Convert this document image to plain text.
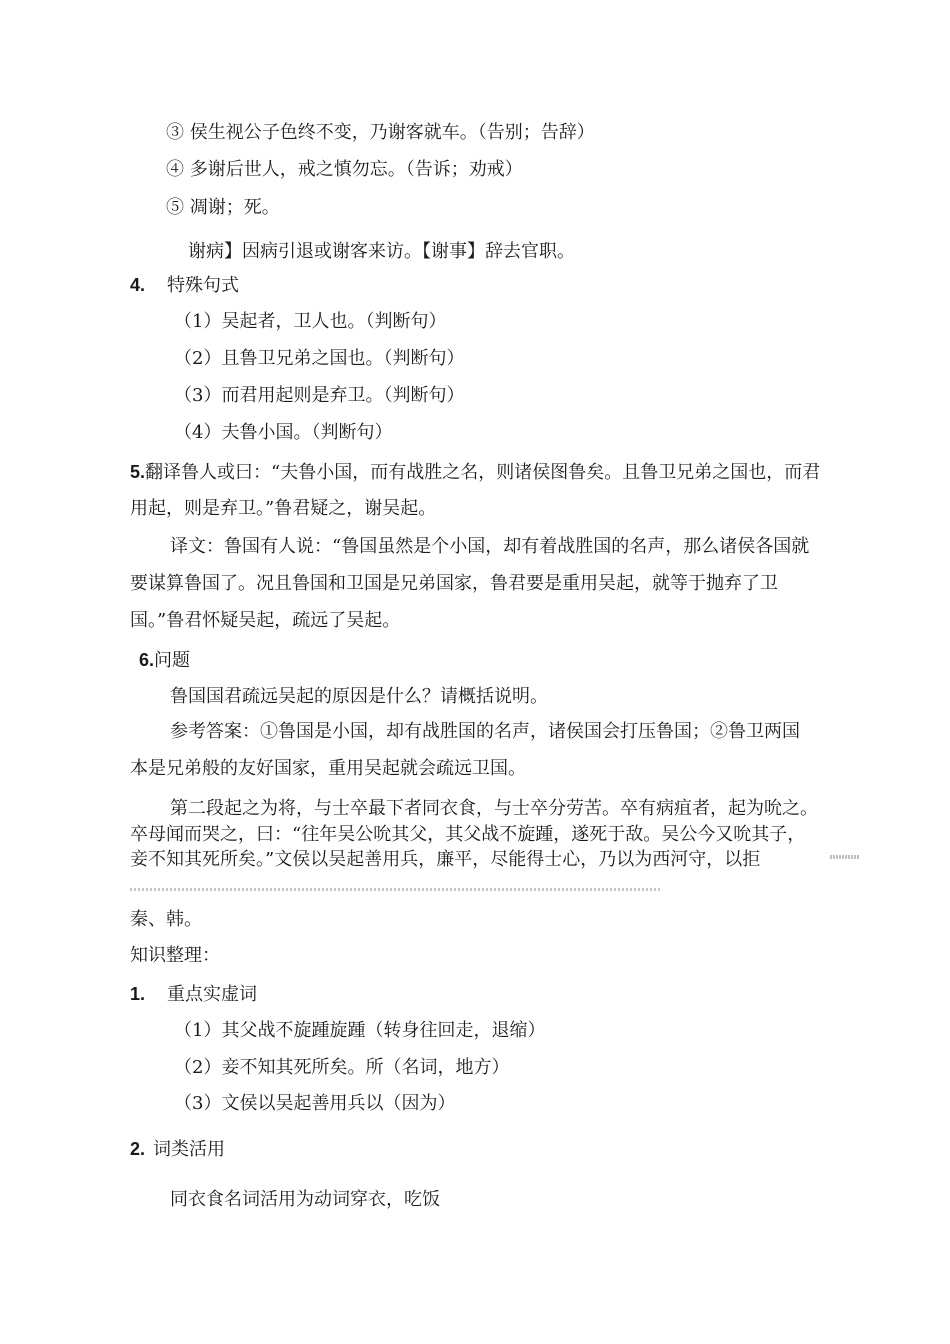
③ 侯生视公子色终不变，乃谢客就车。（告别；告辞）
④ 多谢后世人，戒之慎勿忘。（告诉；劝戒）
⑤ 凋谢；死。
谢病】因病引退或谢客来访。【谢事】辞去官职。
4. 特殊句式
（1）吴起者，卫人也。（判断句）
（2）且鲁卫兄弟之国也。（判断句）
（3）而君用起则是弃卫。（判断句）
（4）夫鲁小国。（判断句）
5.翻译鲁人或曰：“夫鲁小国，而有战胜之名，则诸侯图鲁矣。且鲁卫兄弟之国也，而君
用起，则是弃卫。”鲁君疑之，谢吴起。
译文：鲁国有人说：“鲁国虽然是个小国，却有着战胜国的名声，那么诸侯各国就
要谋算鲁国了。况且鲁国和卫国是兄弟国家，鲁君要是重用吴起，就等于抛弃了卫
国。”鲁君怀疑吴起，疏远了吴起。
6.问题
鲁国国君疏远吴起的原因是什么？请概括说明。
参考答案：①鲁国是小国，却有战胜国的名声，诸侯国会打压鲁国；②鲁卫两国
本是兄弟般的友好国家，重用吴起就会疏远卫国。
第二段起之为将，与士卒最下者同衣食，与士卒分劳苦。卒有病疽者，起为吮之。
卒母闻而哭之，曰：“往年吴公吮其父，其父战不旋踵，遂死于敌。吴公今又吮其子，
妾不知其死所矣。”文侯以吴起善用兵，廉平，尽能得士心，乃以为西河守，以拒
秦、韩。
知识整理：
1. 重点实虚词
（1）其父战不旋踵旋踵（转身往回走，退缩）
（2）妾不知其死所矣。所（名词，地方）
（3）文侯以吴起善用兵以（因为）
2. 词类活用
同衣食名词活用为动词穿衣，吃饭
